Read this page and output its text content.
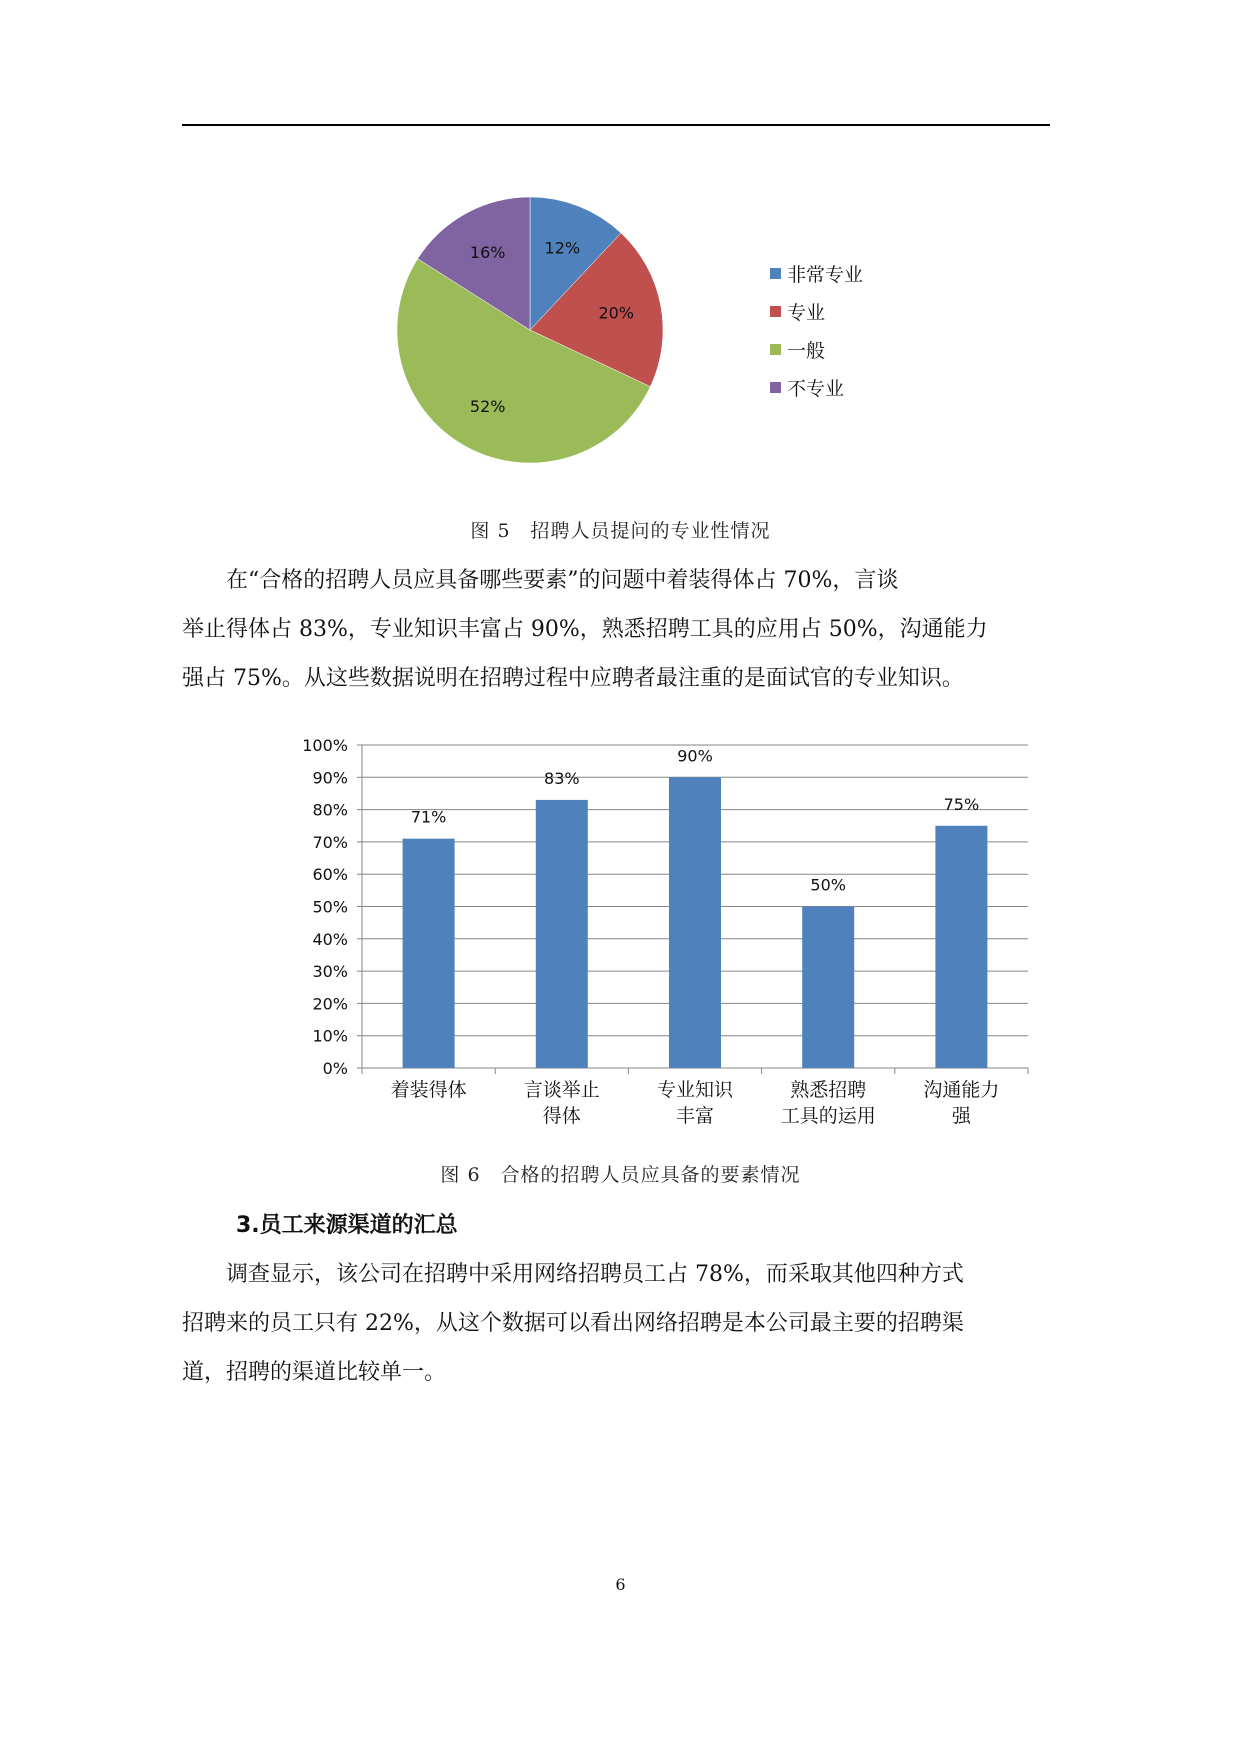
12%
20%
52%
16%
非常专业
专业
一般
不专业
图 5　招聘人员提问的专业性情况
在“合格的招聘人员应具备哪些要素”的问题中着装得体占 70%，言谈
举止得体占 83%，专业知识丰富占 90%，熟悉招聘工具的应用占 50%，沟通能力
强占 75%。从这些数据说明在招聘过程中应聘者最注重的是面试官的专业知识。
0%
10%
20%
30%
40%
50%
60%
70%
80%
90%
100%
71%
着装得体
83%
言谈举止
得体
90%
专业知识
丰富
50%
熟悉招聘
工具的运用
75%
沟通能力
强
图 6　合格的招聘人员应具备的要素情况
3.员工来源渠道的汇总
调查显示，该公司在招聘中采用网络招聘员工占 78%，而采取其他四种方式
招聘来的员工只有 22%，从这个数据可以看出网络招聘是本公司最主要的招聘渠
道，招聘的渠道比较单一。
6
